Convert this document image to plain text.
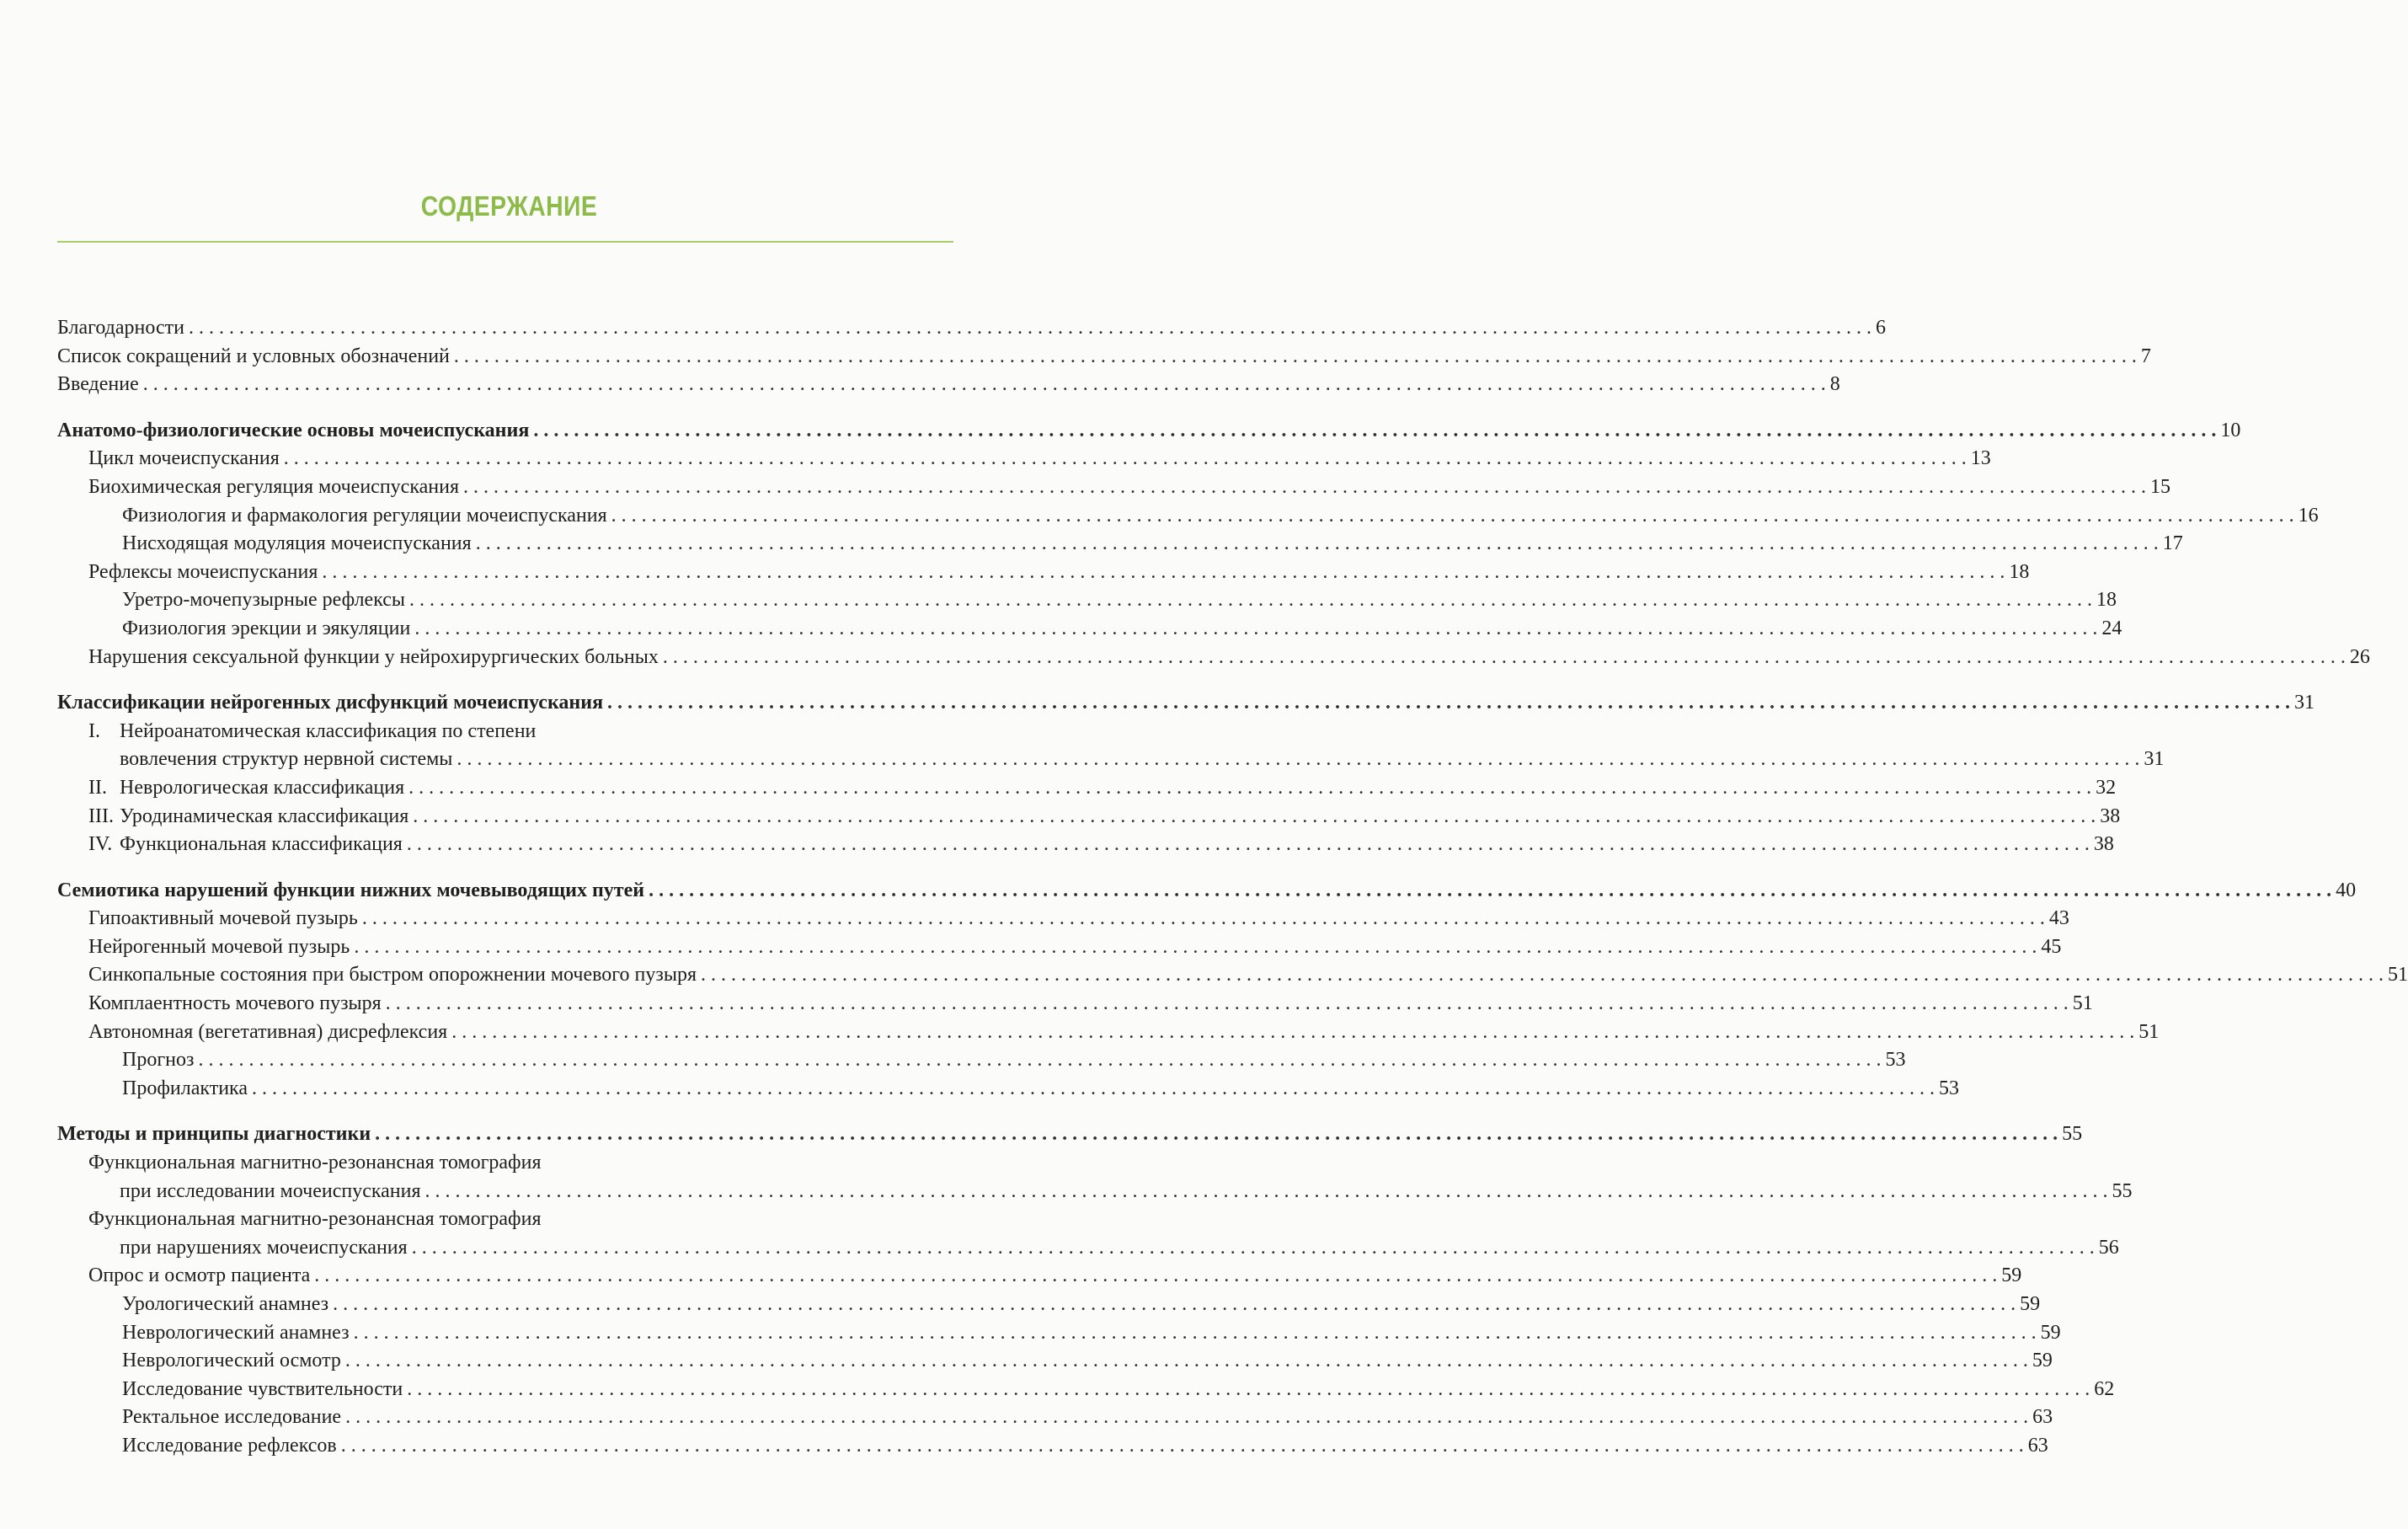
СОДЕРЖАНИЕ
Благодарности . . .	6
Список сокращений и условных обозначений . . .	7
Введение . . .	8
Анатомо-физиологические основы мочеиспускания . . .	10
Цикл мочеиспускания . . .	13
Биохимическая регуляция мочеиспускания . . .	15
Физиология и фармакология регуляции мочеиспускания . . .	16
Нисходящая модуляция мочеиспускания . . .	17
Рефлексы мочеиспускания . . .	18
Уретро-мочепузырные рефлексы . . .	18
Физиология эрекции и эякуляции . . .	24
Нарушения сексуальной функции у нейрохирургических больных . . .	26
Классификации нейрогенных дисфункций мочеиспускания . . .	31
I. Нейроанатомическая классификация по степени
вовлечения структур нервной системы . . .	31
II. Неврологическая классификация . . .	32
III. Уродинамическая классификация . . .	38
IV. Функциональная классификация . . .	38
Семиотика нарушений функции нижних мочевыводящих путей . . .	40
Гипоактивный мочевой пузырь . . .	43
Нейрогенный мочевой пузырь . . .	45
Синкопальные состояния при быстром опорожнении мочевого пузыря . . .	51
Комплаентность мочевого пузыря . . .	51
Автономная (вегетативная) дисрефлексия . . .	51
Прогноз . . .	53
Профилактика . . .	53
Методы и принципы диагностики . . .	55
Функциональная магнитно-резонансная томография
при исследовании мочеиспускания . . .	55
Функциональная магнитно-резонансная томография
при нарушениях мочеиспускания . . .	56
Опрос и осмотр пациента . . .	59
Урологический анамнез . . .	59
Неврологический анамнез . . .	59
Неврологический осмотр . . .	59
Исследование чувствительности . . .	62
Ректальное исследование . . .	63
Исследование рефлексов . . .	63
